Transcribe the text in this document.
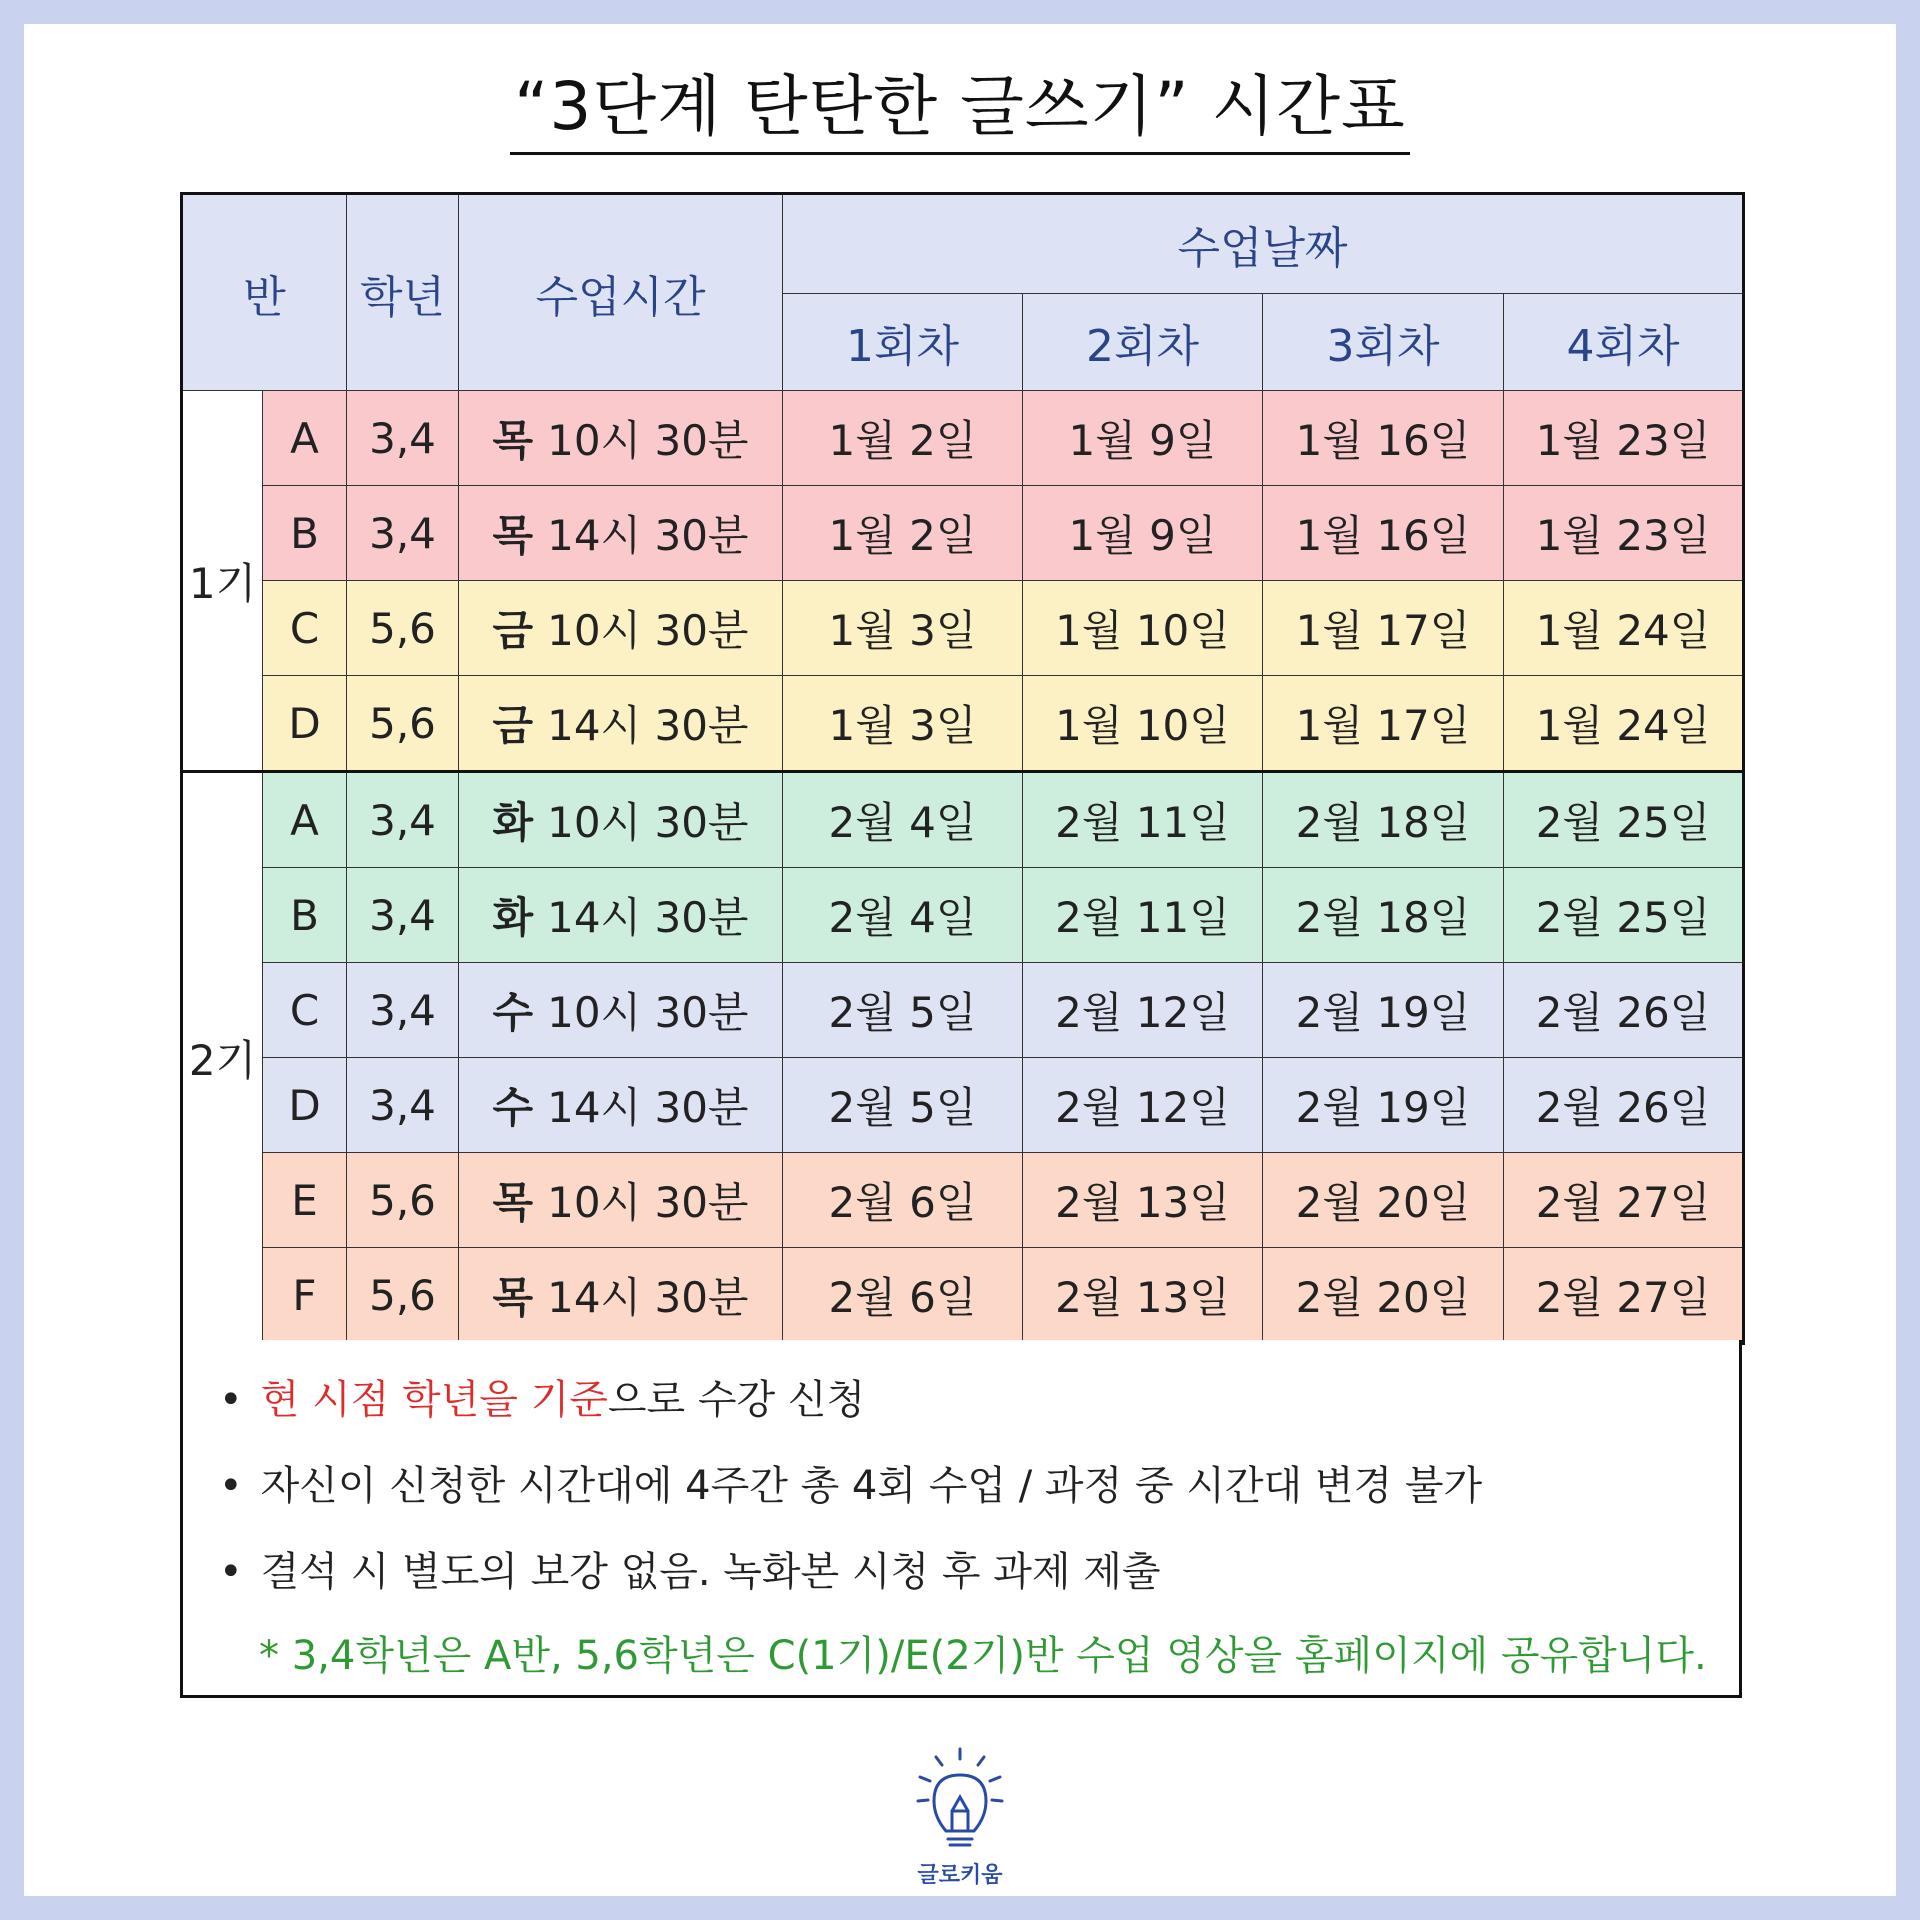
“3단계 탄탄한 글쓰기” 시간표
반		학년	수업시간	수업날짜			
				1회차	2회차	3회차	4회차
1기	A	3,4	목 10시 30분	1월 2일	1월 9일	1월 16일	1월 23일
	B	3,4	목 14시 30분	1월 2일	1월 9일	1월 16일	1월 23일
	C	5,6	금 10시 30분	1월 3일	1월 10일	1월 17일	1월 24일
	D	5,6	금 14시 30분	1월 3일	1월 10일	1월 17일	1월 24일
2기	A	3,4	화 10시 30분	2월 4일	2월 11일	2월 18일	2월 25일
	B	3,4	화 14시 30분	2월 4일	2월 11일	2월 18일	2월 25일
	C	3,4	수 10시 30분	2월 5일	2월 12일	2월 19일	2월 26일
	D	3,4	수 14시 30분	2월 5일	2월 12일	2월 19일	2월 26일
	E	5,6	목 10시 30분	2월 6일	2월 13일	2월 20일	2월 27일
	F	5,6	목 14시 30분	2월 6일	2월 13일	2월 20일	2월 27일
• 현 시점 학년을 기준으로 수강 신청
• 자신이 신청한 시간대에 4주간 총 4회 수업 / 과정 중 시간대 변경 불가
• 결석 시 별도의 보강 없음. 녹화본 시청 후 과제 제출
* 3,4학년은 A반, 5,6학년은 C(1기)/E(2기)반 수업 영상을 홈페이지에 공유합니다.
글로키움
